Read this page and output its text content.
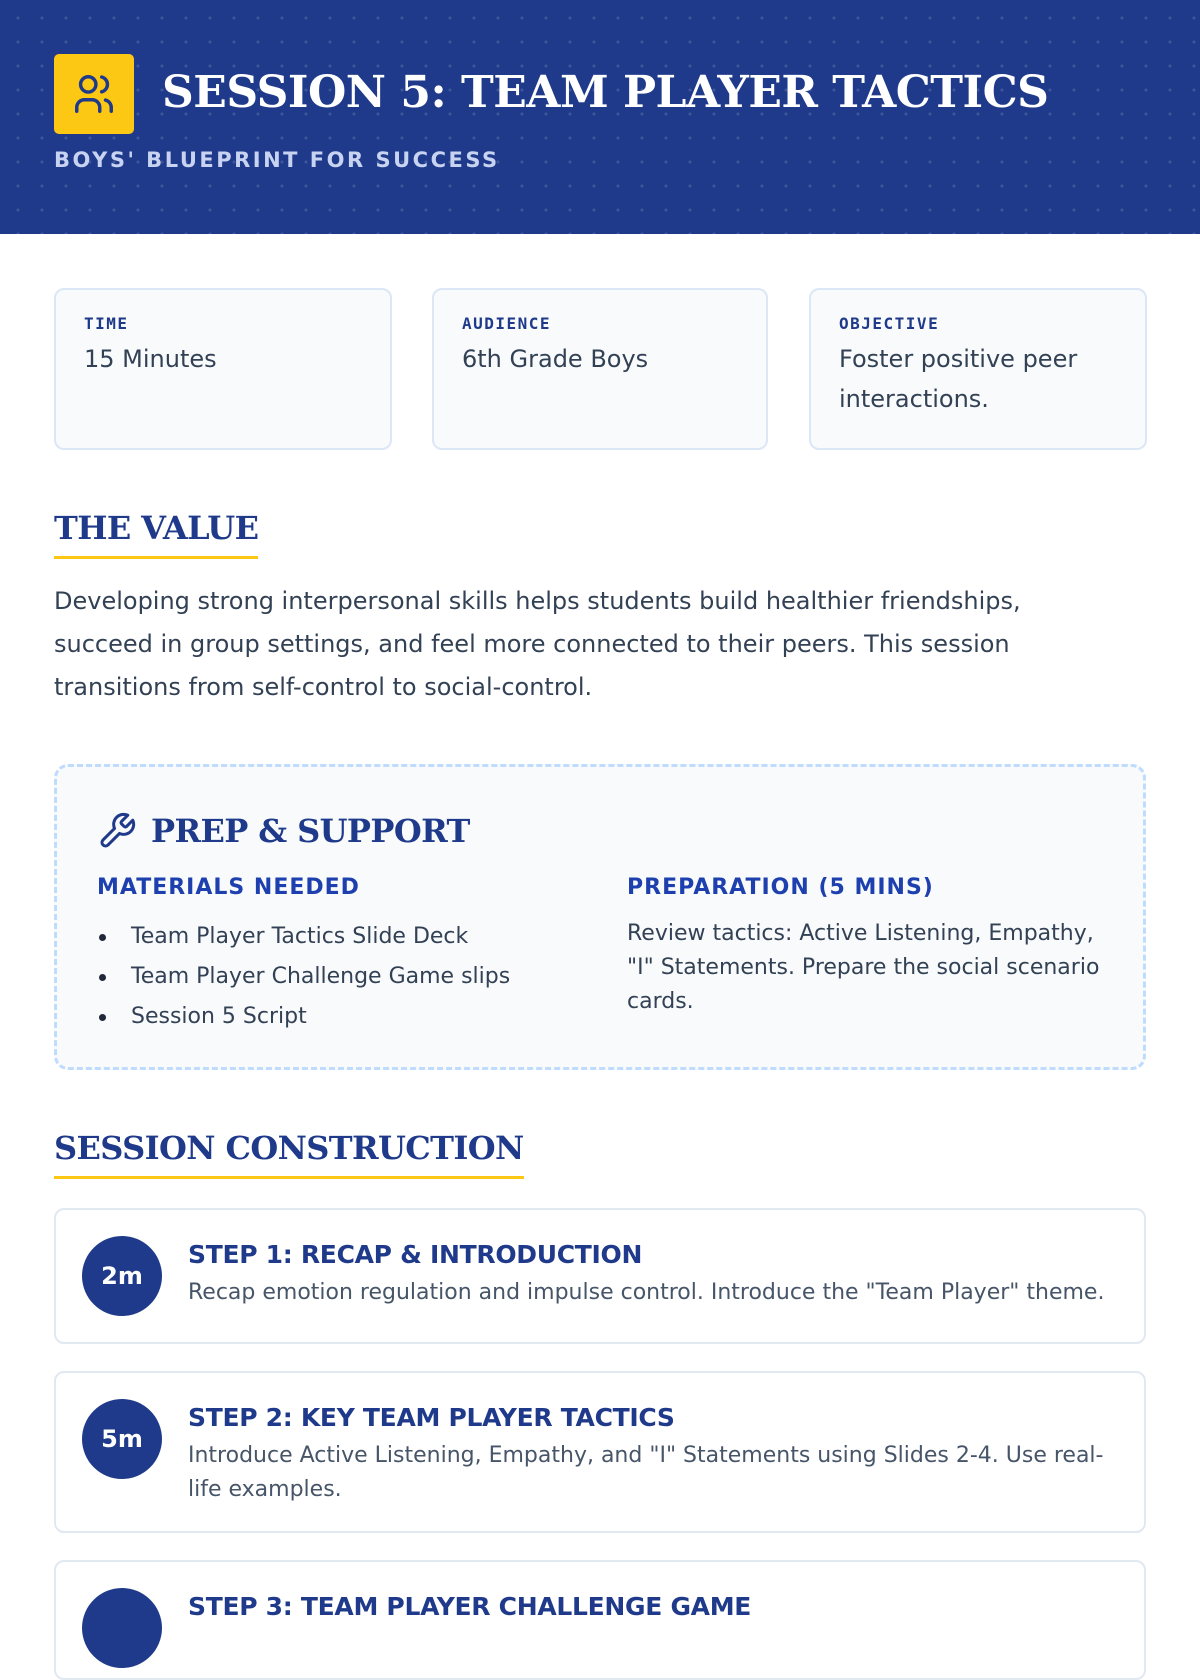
SESSION 5: TEAM PLAYER TACTICS
BOYS' BLUEPRINT FOR SUCCESS
TIME
15 Minutes
AUDIENCE
6th Grade Boys
OBJECTIVE
Foster positive peer interactions.
THE VALUE
Developing strong interpersonal skills helps students build healthier friendships, succeed in group settings, and feel more connected to their peers. This session transitions from self-control to social-control.
PREP & SUPPORT
MATERIALS NEEDED
Team Player Tactics Slide Deck
Team Player Challenge Game slips
Session 5 Script
PREPARATION (5 MINS)
Review tactics: Active Listening, Empathy, "I" Statements. Prepare the social scenario cards.
SESSION CONSTRUCTION
2m
STEP 1: RECAP & INTRODUCTION
Recap emotion regulation and impulse control. Introduce the "Team Player" theme.
5m
STEP 2: KEY TEAM PLAYER TACTICS
Introduce Active Listening, Empathy, and "I" Statements using Slides 2-4. Use real-life examples.
STEP 3: TEAM PLAYER CHALLENGE GAME
